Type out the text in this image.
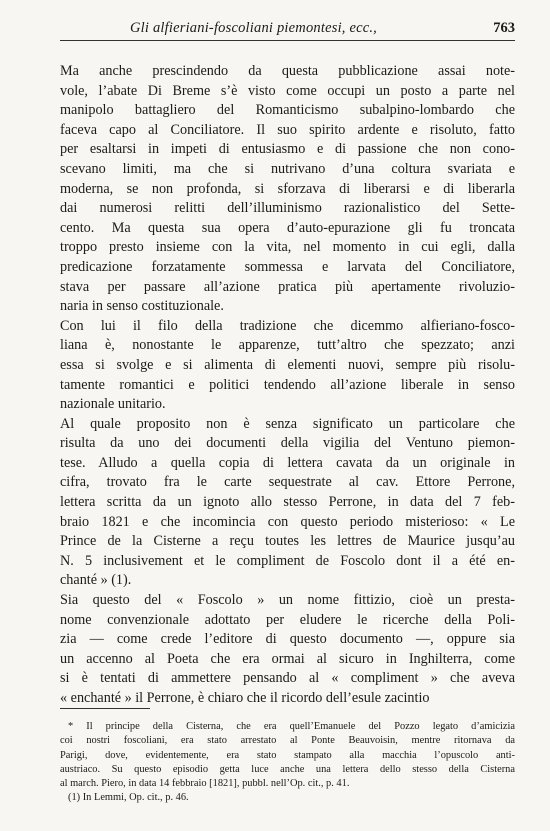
Gli alfieriani-foscoliani piemontesi, ecc.,	763

Ma anche prescindendo da questa pubblicazione assai note-
vole, l’abate Di Breme s’è visto come occupi un posto a parte nel
manipolo battagliero del Romanticismo subalpino-lombardo che
faceva capo al Conciliatore. Il suo spirito ardente e risoluto, fatto
per esaltarsi in impeti di entusiasmo e di passione che non cono-
scevano limiti, ma che si nutrivano d’una coltura svariata e
moderna, se non profonda, si sforzava di liberarsi e di liberarla
dai numerosi relitti dell’illuminismo razionalistico del Sette-
cento. Ma questa sua opera d’auto-epurazione gli fu troncata
troppo presto insieme con la vita, nel momento in cui egli, dalla
predicazione forzatamente sommessa e larvata del Conciliatore,
stava per passare all’azione pratica più apertamente rivoluzio-
naria in senso costituzionale.

Con lui il filo della tradizione che dicemmo alfieriano-fosco-
liana è, nonostante le apparenze, tutt’altro che spezzato; anzi
essa si svolge e si alimenta di elementi nuovi, sempre più risolu-
tamente romantici e politici tendendo all’azione liberale in senso
nazionale unitario.

Al quale proposito non è senza significato un particolare che
risulta da uno dei documenti della vigilia del Ventuno piemon-
tese. Alludo a quella copia di lettera cavata da un originale in
cifra, trovato fra le carte sequestrate al cav. Ettore Perrone,
lettera scritta da un ignoto allo stesso Perrone, in data del 7 feb-
braio 1821 e che incomincia con questo periodo misterioso: « Le
Prince de la Cisterne a reçu toutes les lettres de Maurice jusqu’au
N. 5 inclusivement et le compliment de Foscolo dont il a été en-
chanté » (1).

Sia questo del « Foscolo » un nome fittizio, cioè un presta-
nome convenzionale adottato per eludere le ricerche della Poli-
zia — come crede l’editore di questo documento —, oppure sia
un accenno al Poeta che era ormai al sicuro in Inghilterra, come
si è tentati di ammettere pensando al « compliment » che aveva
« enchanté » il Perrone, è chiaro che il ricordo dell’esule zacintio

* Il principe della Cisterna, che era quell’Emanuele del Pozzo legato d’amicizia
coi nostri foscoliani, era stato arrestato al Ponte Beauvoisin, mentre ritornava da
Parigi, dove, evidentemente, era stato stampato alla macchia l’opuscolo anti-
austriaco. Su questo episodio getta luce anche una lettera dello stesso della Cisterna
al march. Piero, in data 14 febbraio [1821], pubbl. nell’Op. cit., p. 41.
(1) In Lemmi, Op. cit., p. 46.
